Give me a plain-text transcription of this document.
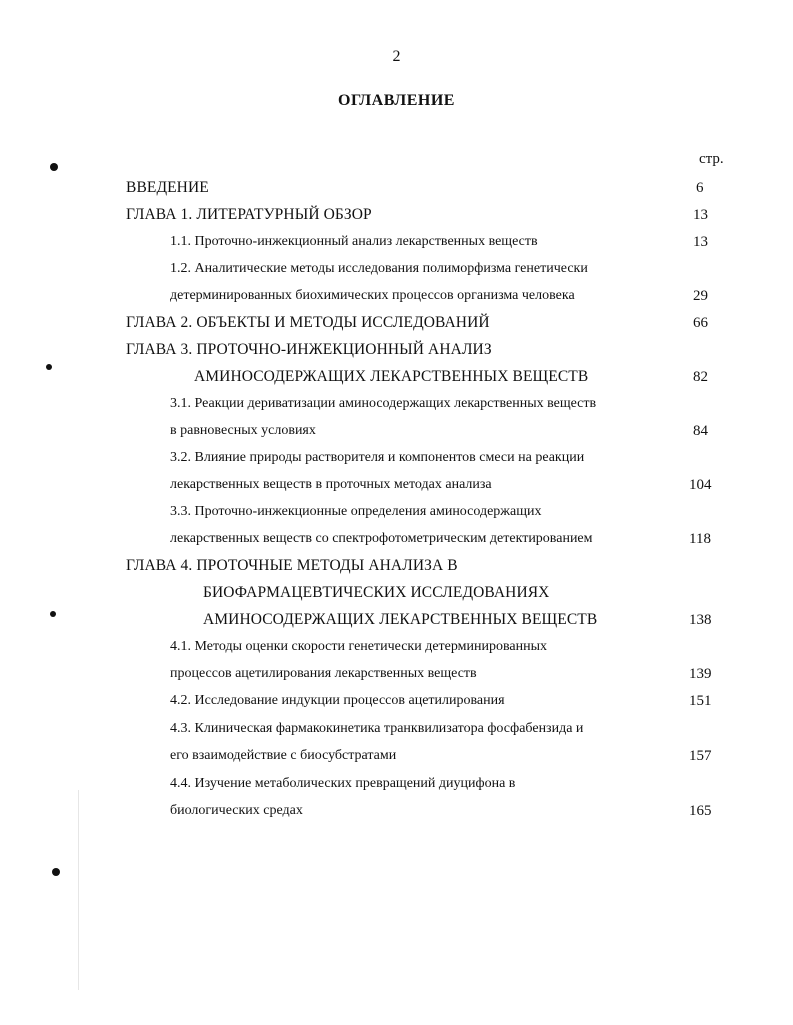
2
ОГЛАВЛЕНИЕ
стр.
ВВЕДЕНИЕ	6
ГЛАВА 1. ЛИТЕРАТУРНЫЙ ОБЗОР	13
1.1. Проточно-инжекционный анализ лекарственных веществ	13
1.2. Аналитические методы исследования полиморфизма генетически
детерминированных биохимических процессов организма человека	29
ГЛАВА 2. ОБЪЕКТЫ И МЕТОДЫ ИССЛЕДОВАНИЙ	66
ГЛАВА 3. ПРОТОЧНО-ИНЖЕКЦИОННЫЙ АНАЛИЗ
АМИНОСОДЕРЖАЩИХ ЛЕКАРСТВЕННЫХ ВЕЩЕСТВ	82
3.1. Реакции дериватизации аминосодержащих лекарственных веществ
в равновесных условиях	84
3.2. Влияние природы растворителя и компонентов смеси на реакции
лекарственных веществ в проточных методах анализа	104
3.3. Проточно-инжекционные определения аминосодержащих
лекарственных веществ со спектрофотометрическим детектированием	118
ГЛАВА 4. ПРОТОЧНЫЕ МЕТОДЫ АНАЛИЗА В
БИОФАРМАЦЕВТИЧЕСКИХ ИССЛЕДОВАНИЯХ
АМИНОСОДЕРЖАЩИХ ЛЕКАРСТВЕННЫХ ВЕЩЕСТВ	138
4.1. Методы оценки скорости генетически детерминированных
процессов ацетилирования лекарственных веществ	139
4.2. Исследование индукции процессов ацетилирования	151
4.3. Клиническая фармакокинетика транквилизатора фосфабензида и
его взаимодействие с биосубстратами	157
4.4. Изучение метаболических превращений диуцифона в
биологических средах	165
